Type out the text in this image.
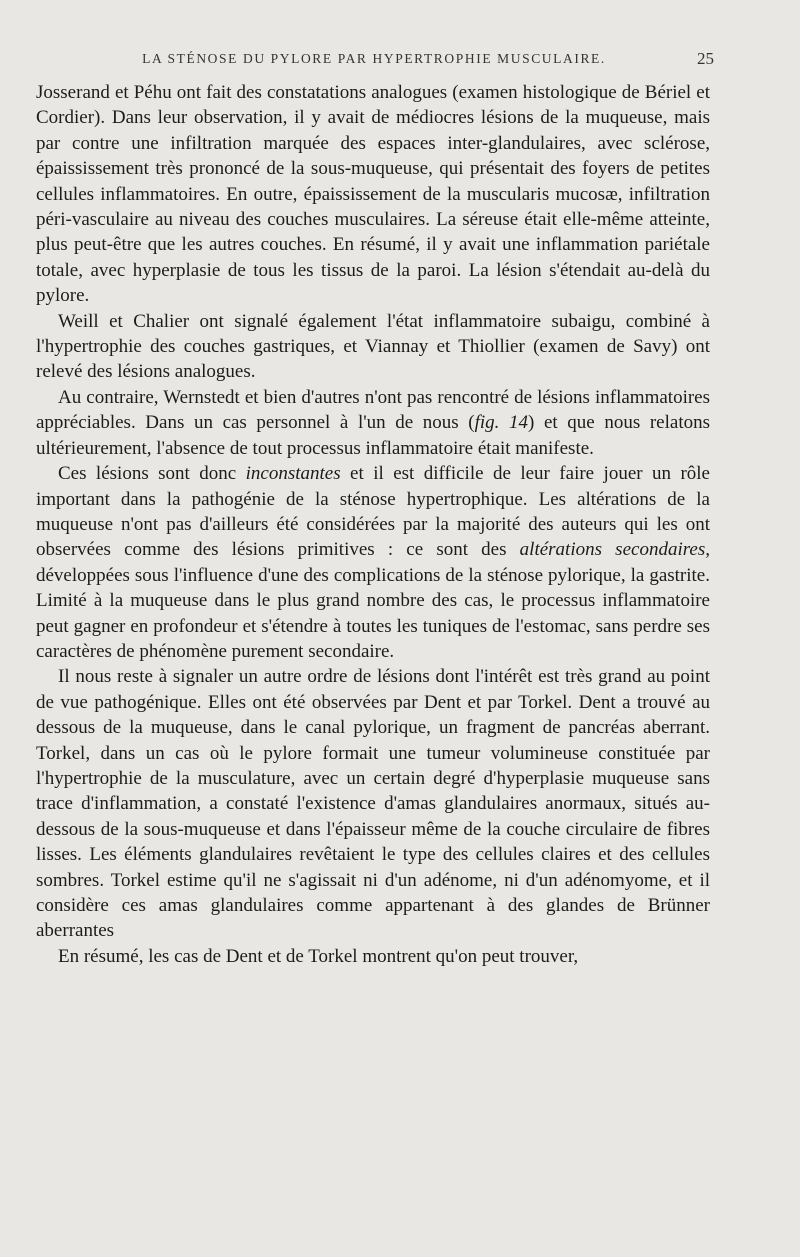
LA STÉNOSE DU PYLORE PAR HYPERTROPHIE MUSCULAIRE.	25

Josserand et Péhu ont fait des constatations analogues (examen histologique de Bériel et Cordier). Dans leur observation, il y avait de médiocres lésions de la muqueuse, mais par contre une infiltration marquée des espaces inter-glandulaires, avec sclérose, épaississement très prononcé de la sous-muqueuse, qui présentait des foyers de petites cellules inflammatoires. En outre, épaississement de la muscularis mucosæ, infiltration péri-vasculaire au niveau des couches musculaires. La séreuse était elle-même atteinte, plus peut-être que les autres couches. En résumé, il y avait une inflammation pariétale totale, avec hyperplasie de tous les tissus de la paroi. La lésion s'étendait au-delà du pylore.

Weill et Chalier ont signalé également l'état inflammatoire subaigu, combiné à l'hypertrophie des couches gastriques, et Viannay et Thiollier (examen de Savy) ont relevé des lésions analogues.

Au contraire, Wernstedt et bien d'autres n'ont pas rencontré de lésions inflammatoires appréciables. Dans un cas personnel à l'un de nous (fig. 14) et que nous relatons ultérieurement, l'absence de tout processus inflammatoire était manifeste.

Ces lésions sont donc inconstantes et il est difficile de leur faire jouer un rôle important dans la pathogénie de la sténose hypertrophique. Les altérations de la muqueuse n'ont pas d'ailleurs été considérées par la majorité des auteurs qui les ont observées comme des lésions primitives : ce sont des altérations secondaires, développées sous l'influence d'une des complications de la sténose pylorique, la gastrite. Limité à la muqueuse dans le plus grand nombre des cas, le processus inflammatoire peut gagner en profondeur et s'étendre à toutes les tuniques de l'estomac, sans perdre ses caractères de phénomène purement secondaire.

Il nous reste à signaler un autre ordre de lésions dont l'intérêt est très grand au point de vue pathogénique. Elles ont été observées par Dent et par Torkel. Dent a trouvé au dessous de la muqueuse, dans le canal pylorique, un fragment de pancréas aberrant. Torkel, dans un cas où le pylore formait une tumeur volumineuse constituée par l'hypertrophie de la musculature, avec un certain degré d'hyperplasie muqueuse sans trace d'inflammation, a constaté l'existence d'amas glandulaires anormaux, situés au-dessous de la sous-muqueuse et dans l'épaisseur même de la couche circulaire de fibres lisses. Les éléments glandulaires revêtaient le type des cellules claires et des cellules sombres. Torkel estime qu'il ne s'agissait ni d'un adénome, ni d'un adénomyome, et il considère ces amas glandulaires comme appartenant à des glandes de Brünner aberrantes

En résumé, les cas de Dent et de Torkel montrent qu'on peut trouver,
